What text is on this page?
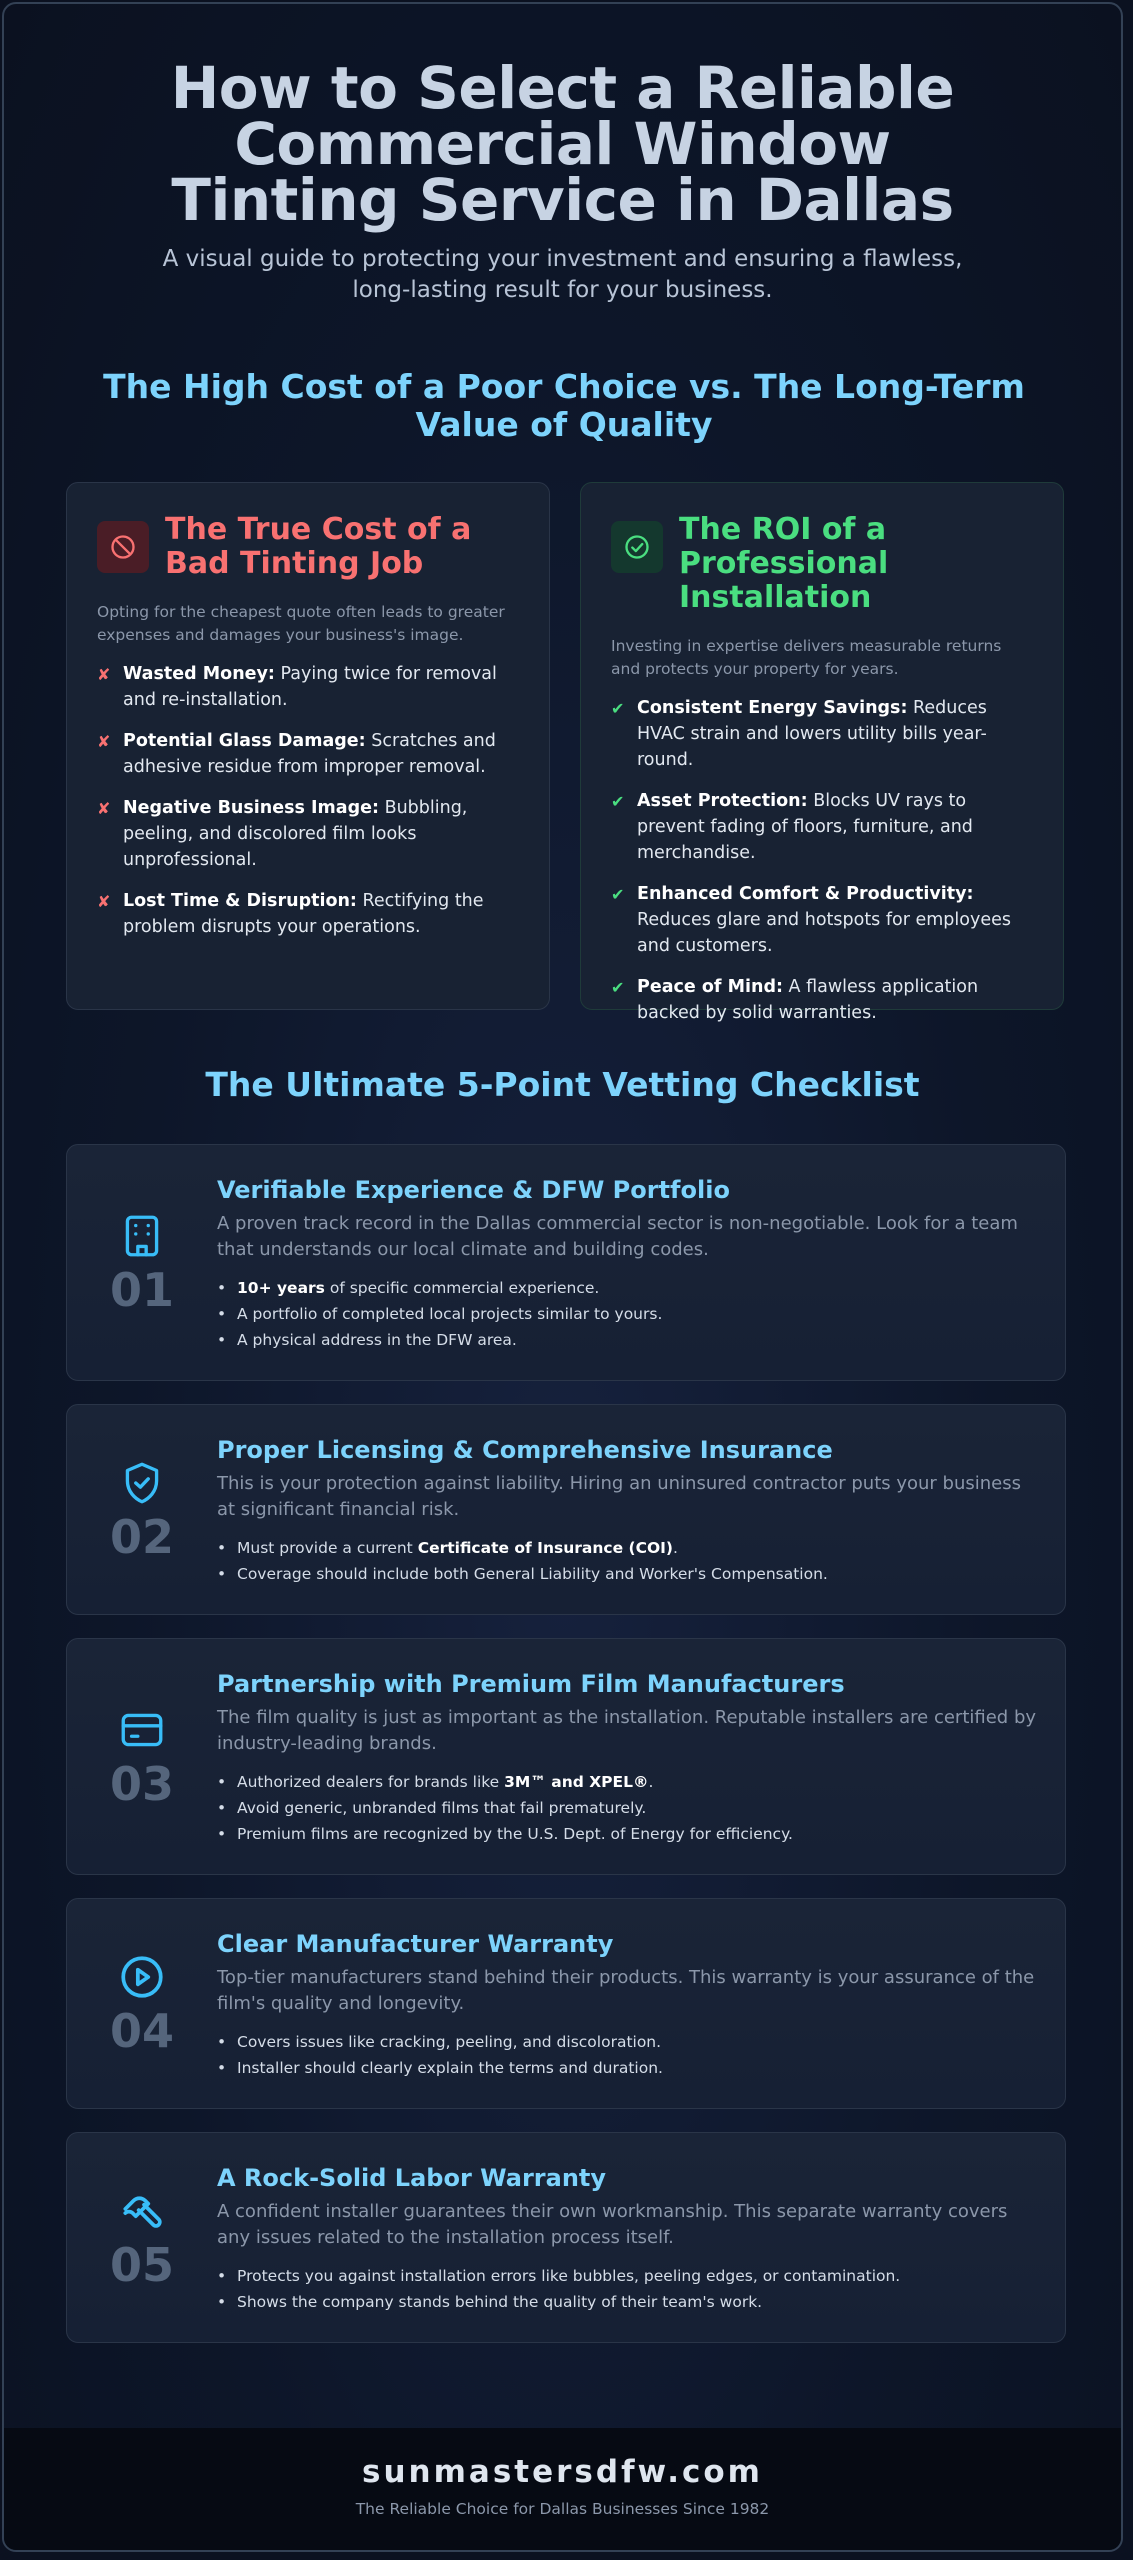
How to Select a Reliable Commercial Window Tinting Service in Dallas

A visual guide to protecting your investment and ensuring a flawless, long-lasting result for your business.

The High Cost of a Poor Choice vs. The Long-Term Value of Quality
The True Cost of a Bad Tinting Job

Opting for the cheapest quote often leads to greater expenses and damages your business's image.

✘ Wasted Money: Paying twice for removal and re-installation.
✘ Potential Glass Damage: Scratches and adhesive residue from improper removal.
✘ Negative Business Image: Bubbling, peeling, and discolored film looks unprofessional.
✘ Lost Time & Disruption: Rectifying the problem disrupts your operations.
The ROI of a Professional Installation

Investing in expertise delivers measurable returns and protects your property for years.

✔ Consistent Energy Savings: Reduces HVAC strain and lowers utility bills year-round.
✔ Asset Protection: Blocks UV rays to prevent fading of floors, furniture, and merchandise.
✔ Enhanced Comfort & Productivity: Reduces glare and hotspots for employees and customers.
✔ Peace of Mind: A flawless application backed by solid warranties.
The Ultimate 5-Point Vetting Checklist
01
Verifiable Experience & DFW Portfolio

A proven track record in the Dallas commercial sector is non-negotiable. Look for a team that understands our local climate and building codes.

• 10+ years of specific commercial experience.
• A portfolio of completed local projects similar to yours.
• A physical address in the DFW area.
02
Proper Licensing & Comprehensive Insurance

This is your protection against liability. Hiring an uninsured contractor puts your business at significant financial risk.

• Must provide a current Certificate of Insurance (COI).
• Coverage should include both General Liability and Worker's Compensation.
03
Partnership with Premium Film Manufacturers

The film quality is just as important as the installation. Reputable installers are certified by industry-leading brands.

• Authorized dealers for brands like 3M™ and XPEL®.
• Avoid generic, unbranded films that fail prematurely.
• Premium films are recognized by the U.S. Dept. of Energy for efficiency.
04
Clear Manufacturer Warranty

Top-tier manufacturers stand behind their products. This warranty is your assurance of the film's quality and longevity.

• Covers issues like cracking, peeling, and discoloration.
• Installer should clearly explain the terms and duration.
05
A Rock-Solid Labor Warranty

A confident installer guarantees their own workmanship. This separate warranty covers any issues related to the installation process itself.

• Protects you against installation errors like bubbles, peeling edges, or contamination.
• Shows the company stands behind the quality of their team's work.
sunmastersdfw.com
The Reliable Choice for Dallas Businesses Since 1982
